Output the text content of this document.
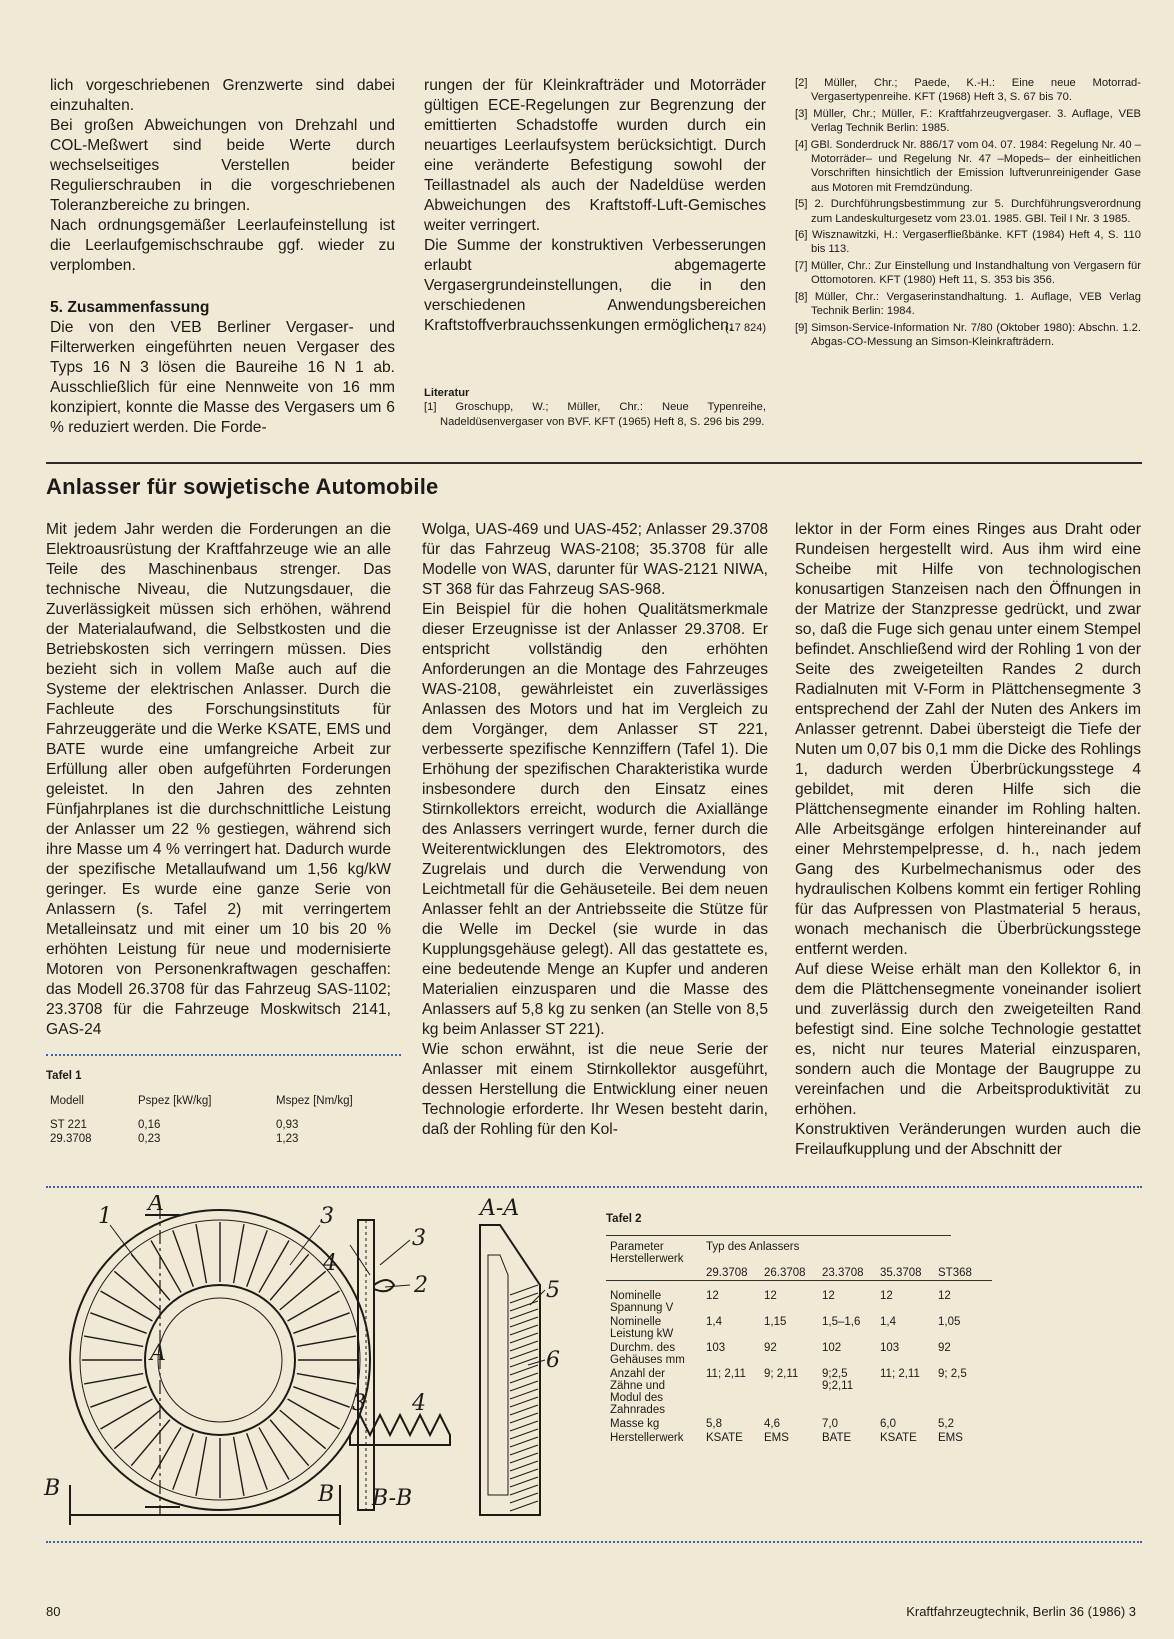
lich vorgeschriebenen Grenzwerte sind dabei einzuhalten.

Bei großen Abweichungen von Drehzahl und COL-Meßwert sind beide Werte durch wechselseitiges Verstellen beider Regulierschrauben in die vorgeschriebenen Toleranzbereiche zu bringen.

Nach ordnungsgemäßer Leerlaufeinstellung ist die Leerlaufgemischschraube ggf. wieder zu verplomben.

5. Zusammenfassung

Die von den VEB Berliner Vergaser- und Filterwerken eingeführten neuen Vergaser des Typs 16 N 3 lösen die Baureihe 16 N 1 ab. Ausschließlich für eine Nennweite von 16 mm konzipiert, konnte die Masse des Vergasers um 6 % reduziert werden. Die Forde-

rungen der für Kleinkrafträder und Motorräder gültigen ECE-Regelungen zur Begrenzung der emittierten Schadstoffe wurden durch ein neuartiges Leerlaufsystem berücksichtigt. Durch eine veränderte Befestigung sowohl der Teillastnadel als auch der Nadeldüse werden Abweichungen des Kraftstoff-Luft-Gemisches weiter verringert.

Die Summe der konstruktiven Verbesserungen erlaubt abgemagerte Vergasergrundeinstellungen, die in den verschiedenen Anwendungsbereichen Kraftstoffverbrauchssenkungen ermöglichen.

(17 824)
Literatur

[1] Groschupp, W.; Müller, Chr.: Neue Typenreihe, Nadeldüsenvergaser von BVF. KFT (1965) Heft 8, S. 296 bis 299.

[2] Müller, Chr.; Paede, K.-H.: Eine neue Motorrad-Vergasertypenreihe. KFT (1968) Heft 3, S. 67 bis 70.

[3] Müller, Chr.; Müller, F.: Kraftfahrzeugvergaser. 3. Auflage, VEB Verlag Technik Berlin: 1985.

[4] GBl. Sonderdruck Nr. 886/17 vom 04. 07. 1984: Regelung Nr. 40 –Motorräder– und Regelung Nr. 47 –Mopeds– der einheitlichen Vorschriften hinsichtlich der Emission luftverunreinigender Gase aus Motoren mit Fremdzündung.

[5] 2. Durchführungsbestimmung zur 5. Durchführungsverordnung zum Landeskulturgesetz vom 23.01. 1985. GBl. Teil I Nr. 3 1985.

[6] Wisznawitzki, H.: Vergaserfließbänke. KFT (1984) Heft 4, S. 110 bis 113.

[7] Müller, Chr.: Zur Einstellung und Instandhaltung von Vergasern für Ottomotoren. KFT (1980) Heft 11, S. 353 bis 356.

[8] Müller, Chr.: Vergaserinstandhaltung. 1. Auflage, VEB Verlag Technik Berlin: 1984.

[9] Simson-Service-Information Nr. 7/80 (Oktober 1980): Abschn. 1.2. Abgas-CO-Messung an Simson-Kleinkrafträdern.

Anlasser für sowjetische Automobile

Mit jedem Jahr werden die Forderungen an die Elektroausrüstung der Kraftfahrzeuge wie an alle Teile des Maschinenbaus strenger. Das technische Niveau, die Nutzungsdauer, die Zuverlässigkeit müssen sich erhöhen, während der Materialaufwand, die Selbstkosten und die Betriebskosten sich verringern müssen. Dies bezieht sich in vollem Maße auch auf die Systeme der elektrischen Anlasser. Durch die Fachleute des Forschungsinstituts für Fahrzeuggeräte und die Werke KSATE, EMS und BATE wurde eine umfangreiche Arbeit zur Erfüllung aller oben aufgeführten Forderungen geleistet. In den Jahren des zehnten Fünfjahrplanes ist die durchschnittliche Leistung der Anlasser um 22 % gestiegen, während sich ihre Masse um 4 % verringert hat. Dadurch wurde der spezifische Metallaufwand um 1,56 kg/kW geringer. Es wurde eine ganze Serie von Anlassern (s. Tafel 2) mit verringertem Metalleinsatz und mit einer um 10 bis 20 % erhöhten Leistung für neue und modernisierte Motoren von Personenkraftwagen geschaffen: das Modell 26.3708 für das Fahrzeug SAS-1102; 23.3708 für die Fahrzeuge Moskwitsch 2141, GAS-24

Wolga, UAS-469 und UAS-452; Anlasser 29.3708 für das Fahrzeug WAS-2108; 35.3708 für alle Modelle von WAS, darunter für WAS-2121 NIWA, ST 368 für das Fahrzeug SAS-968.

Ein Beispiel für die hohen Qualitätsmerkmale dieser Erzeugnisse ist der Anlasser 29.3708. Er entspricht vollständig den erhöhten Anforderungen an die Montage des Fahrzeuges WAS-2108, gewährleistet ein zuverlässiges Anlassen des Motors und hat im Vergleich zu dem Vorgänger, dem Anlasser ST 221, verbesserte spezifische Kennziffern (Tafel 1). Die Erhöhung der spezifischen Charakteristika wurde insbesondere durch den Einsatz eines Stirnkollektors erreicht, wodurch die Axiallänge des Anlassers verringert wurde, ferner durch die Weiterentwicklungen des Elektromotors, des Zugrelais und durch die Verwendung von Leichtmetall für die Gehäuseteile. Bei dem neuen Anlasser fehlt an der Antriebsseite die Stütze für die Welle im Deckel (sie wurde in das Kupplungsgehäuse gelegt). All das gestattete es, eine bedeutende Menge an Kupfer und anderen Materialien einzusparen und die Masse des Anlassers auf 5,8 kg zu senken (an Stelle von 8,5 kg beim Anlasser ST 221).

Wie schon erwähnt, ist die neue Serie der Anlasser mit einem Stirnkollektor ausgeführt, dessen Herstellung die Entwicklung einer neuen Technologie erforderte. Ihr Wesen besteht darin, daß der Rohling für den Kol-

lektor in der Form eines Ringes aus Draht oder Rundeisen hergestellt wird. Aus ihm wird eine Scheibe mit Hilfe von technologischen konusartigen Stanzeisen nach den Öffnungen in der Matrize der Stanzpresse gedrückt, und zwar so, daß die Fuge sich genau unter einem Stempel befindet. Anschließend wird der Rohling 1 von der Seite des zweigeteilten Randes 2 durch Radialnuten mit V-Form in Plättchensegmente 3 entsprechend der Zahl der Nuten des Ankers im Anlasser getrennt. Dabei übersteigt die Tiefe der Nuten um 0,07 bis 0,1 mm die Dicke des Rohlings 1, dadurch werden Überbrückungsstege 4 gebildet, mit deren Hilfe sich die Plättchensegmente einander im Rohling halten. Alle Arbeitsgänge erfolgen hintereinander auf einer Mehrstempelpresse, d. h., nach jedem Gang des Kurbelmechanismus oder des hydraulischen Kolbens kommt ein fertiger Rohling für das Aufpressen von Plastmaterial 5 heraus, wonach mechanisch die Überbrückungsstege entfernt werden.

Auf diese Weise erhält man den Kollektor 6, in dem die Plättchensegmente voneinander isoliert und zuverlässig durch den zweigeteilten Rand befestigt sind. Eine solche Technologie gestattet es, nicht nur teures Material einzusparen, sondern auch die Montage der Baugruppe zu vereinfachen und die Arbeitsproduktivität zu erhöhen.

Konstruktiven Veränderungen wurden auch die Freilaufkupplung und der Abschnitt der

Tafel 1
Modell	Pspez [kW/kg]	Mspez [Nm/kg]

ST 221	0,16	0,93
29.3708	0,23	1,23
1
A
3
4
3
2
A-A
5
A	6
3 4
B	B B-B
Tafel 2
Parameter Herstellerwerk	Typ des Anlassers				
	29.3708	26.3708	23.3708	35.3708	ST368

Nominelle Spannung V	12	12	12	12	12
Nominelle Leistung kW	1,4	1,15	1,5–1,6	1,4	1,05
Durchm. des Gehäuses mm	103	92	102	103	92
Anzahl der Zähne und Modul des Zahnrades	11; 2,11	9; 2,11	9;2,5 9;2,11	11; 2,11	9; 2,5
Masse kg	5,8	4,6	7,0	6,0	5,2
Herstellerwerk	KSATE	EMS	BATE	KSATE	EMS
80	Kraftfahrzeugtechnik, Berlin 36 (1986) 3
